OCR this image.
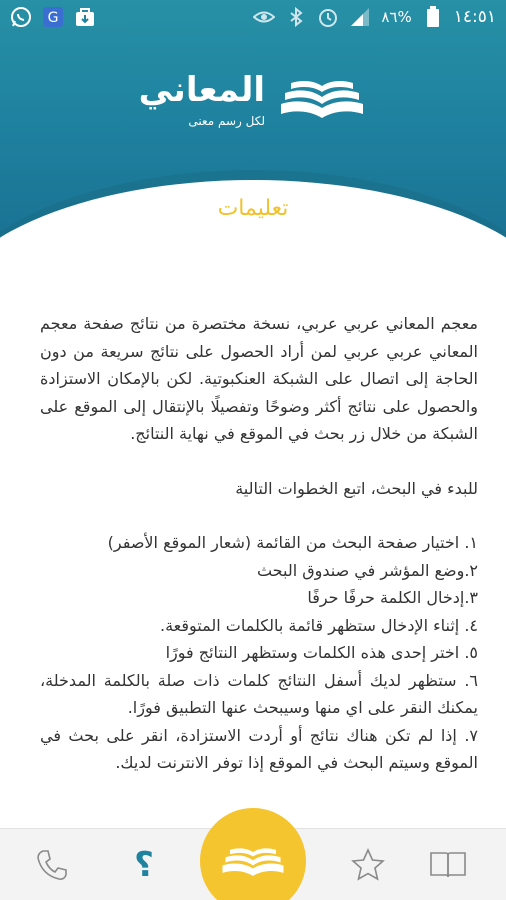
G	٨٦% ١٤:٥١
المعاني
لكل رسم معنى
تعليمات

معجم المعاني عربي عربي، نسخة مختصرة من نتائج صفحة معجم المعاني عربي عربي لمن أراد الحصول على نتائج سريعة من دون الحاجة إلى اتصال على الشبكة العنكبوتية. لكن بالإمكان الاستزادة والحصول على نتائج أكثر وضوحًا وتفصيلًا بالإنتقال إلى الموقع على الشبكة من خلال زر بحث في الموقع في نهاية النتائج.

للبدء في البحث، اتبع الخطوات التالية

١. اختيار صفحة البحث من القائمة (شعار الموقع الأصفر)
٢.وضع المؤشر في صندوق البحث
٣.إدخال الكلمة حرفًا حرفًا
٤. إثناء الإدخال ستظهر قائمة بالكلمات المتوقعة.
٥. اختر إحدى هذه الكلمات وستظهر النتائج فورًا
٦. ستظهر لديك أسفل النتائج كلمات ذات صلة بالكلمة المدخلة، يمكنك النقر على اي منها وسيبحث عنها التطبيق فورًا.
٧. إذا لم تكن هناك نتائج أو أردت الاستزادة، انقر على بحث في الموقع وسيتم البحث في الموقع إذا توفر الانترنت لديك.
؟
